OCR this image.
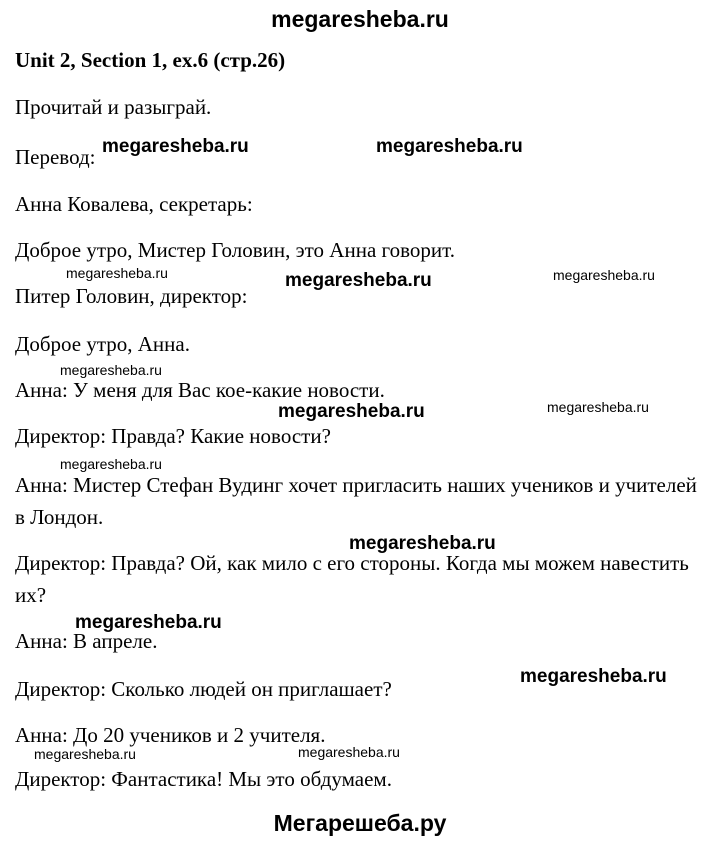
megaresheba.ru
Unit 2, Section 1, ex.6 (стр.26)
Прочитай и разыграй.
Перевод:
Анна Ковалева, секретарь:
Доброе утро, Мистер Головин, это Анна говорит.
Питер Головин, директор:
Доброе утро, Анна.
Анна: У меня для Вас кое-какие новости.
Директор: Правда? Какие новости?
Анна: Мистер Стефан Вудинг хочет пригласить наших учеников и учителей в Лондон.
Директор: Правда? Ой, как мило с его стороны. Когда мы можем навестить их?
Анна: В апреле.
Директор: Сколько людей он приглашает?
Анна: До 20 учеников и 2 учителя.
Директор: Фантастика! Мы это обдумаем.
megaresheba.ru	megaresheba.ru
megaresheba.ru	megaresheba.ru	megaresheba.ru
megaresheba.ru
megaresheba.ru	megaresheba.ru
megaresheba.ru
megaresheba.ru
megaresheba.ru
megaresheba.ru
megaresheba.ru	megaresheba.ru
Мегарешеба.ру
